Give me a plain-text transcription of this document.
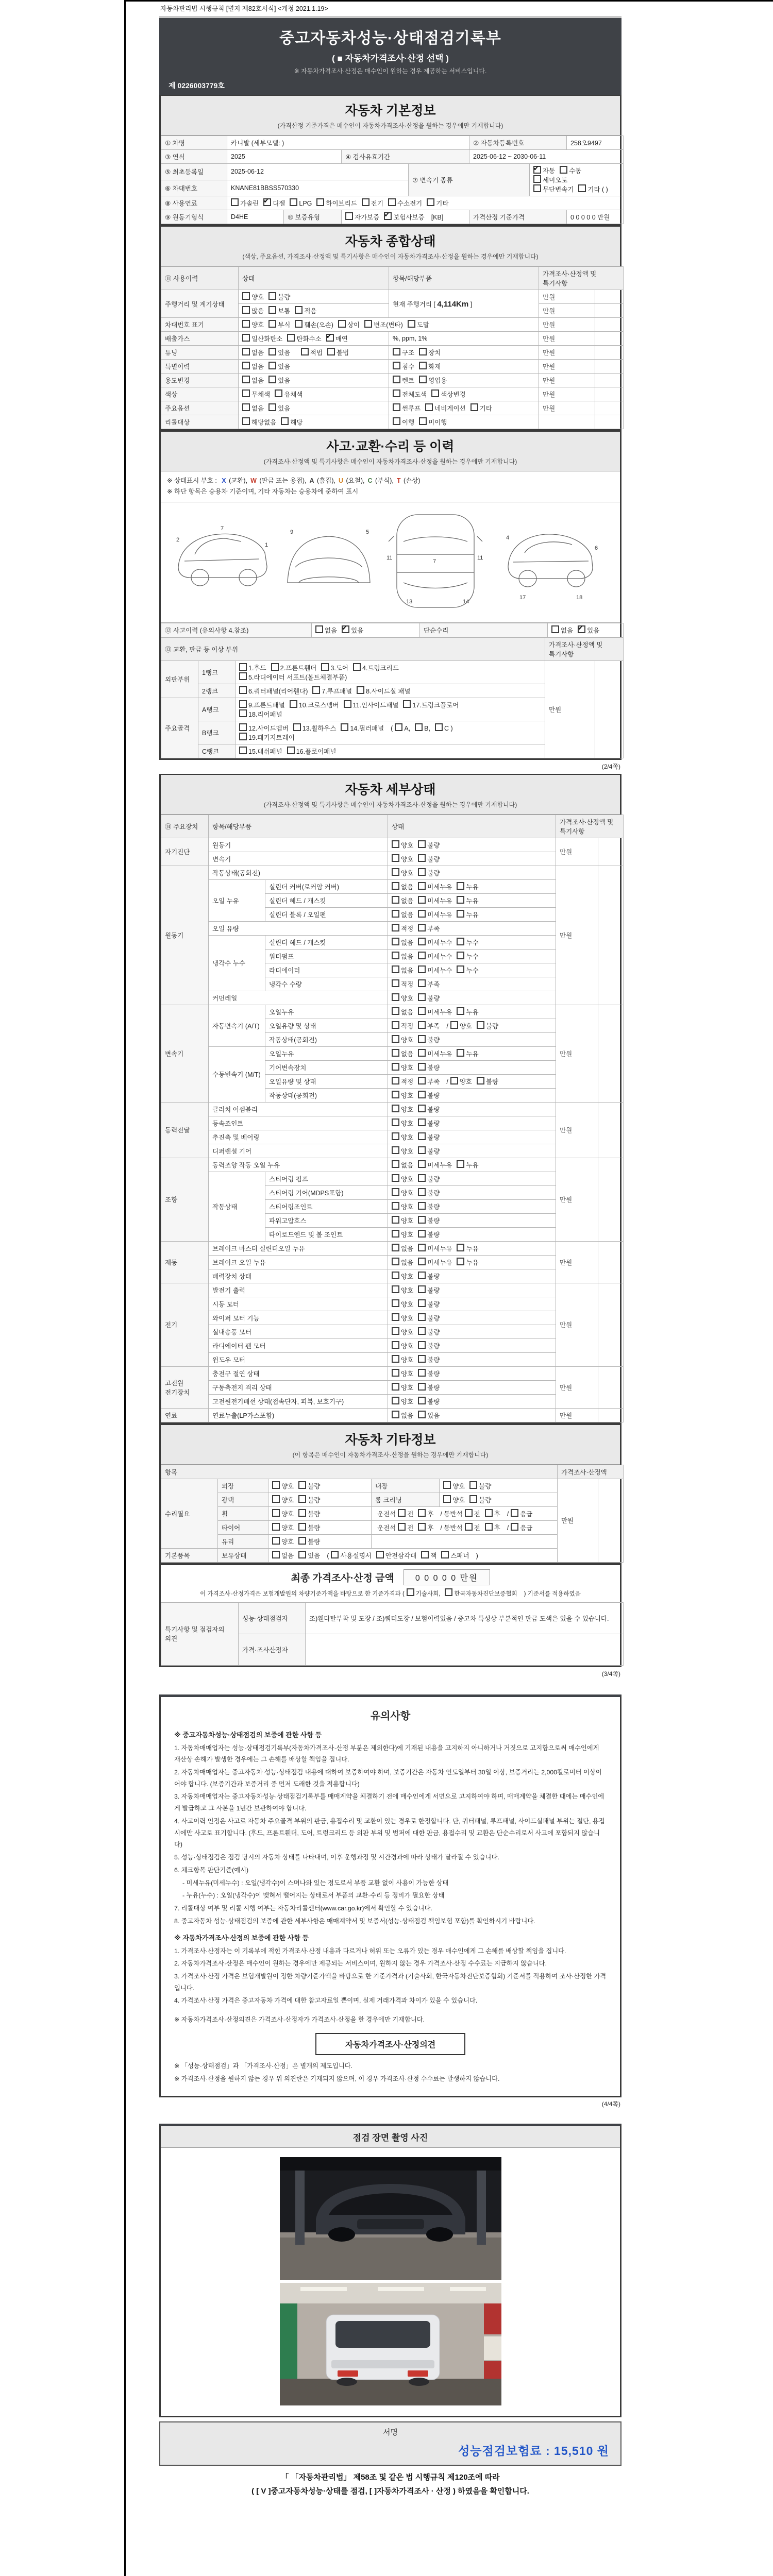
자동차관리법 시행규칙 [별지 제82호서식] <개정 2021.1.19>
중고자동차성능·상태점검기록부
( ■ 자동차가격조사·산정 선택 )
※ 자동차가격조사·산정은 매수인이 원하는 경우 제공하는 서비스입니다.
제 0226003779호
자동차 기본정보
(가격산정 기준가격은 매수인이 자동차가격조사·산정을 원하는 경우에만 기재합니다)
① 차명	카니발 (세부모델: )				② 자동차등록번호		258오9497
③ 연식	2025		④ 검사유효기간		2025-06-12 ~ 2030-06-11		
⑤ 최초등록일	2025-06-12			⑦ 변속기 종류	✔자동 수동세미오토
무단변속기 기타 ( )
⑥ 차대번호	KNANE81BBSS570330						
⑧ 사용연료	가솔린 ✔ 디젤 LPG 하이브리드 전기 수소전기 기타
⑨ 원동기형식	D4HE	⑩ 보증유형	자가보증 ✔ 보험사보증 [KB]		가격산정 기준가격		0 0 0 0 0 만원
자동차 종합상태
(색상, 주요옵션, 가격조사·산정액 및 특기사항은 매수인이 자동차가격조사·산정을 원하는 경우에만 기재합니다)
⑪ 사용이력	상태	항목/해당부품	가격조사·산정액 및 특기사항	
주행거리 및 계기상태	양호 불량	현재 주행거리 [ 4,114Km ]	만원	
	많음 보통 적음		만원	
차대번호 표기	양호 부식 훼손(오손) 상이 변조(변타) 도말		만원	
배출가스	일산화탄소 탄화수소 ✔ 매연	%, ppm, 1%	만원	
튜닝	없음 있음 적법 불법	구조 장치	만원	
특별이력	없음 있음	침수 화재	만원	
용도변경	없음 있음	렌트 영업용	만원	
색상	무채색 유채색	전체도색 색상변경	만원	
주요옵션	없음 있음	썬루프 네비게이션 기타	만원	
리콜대상	해당없음 해당	이행 미이행		
사고·교환·수리 등 이력
(가격조사·산정액 및 특기사항은 매수인이 자동차가격조사·산정을 원하는 경우에만 기재합니다)
※ 상태표시 부호 : X (교환), W (판금 또는 용접), A (흠집), U (요철), C (부식), T (손상)
※ 하단 항목은 승용차 기준이며, 기타 자동차는 승용차에 준하여 표시
2
7
1
9	5
11	11
7
13	14
4
6
17	18
⑫ 사고이력 (유의사항 4.참조)	없음 ✔ 있음	단순수리	없음 ✔ 있음
⑬ 교환, 판금 등 이상 부위			가격조사·산정액 및 특기사항	
외판부위	1랭크	1.후드 2.프론트휀더 3.도어 4.트렁크리드
5.라디에이터 서포트(볼트체결부품)	만원	
	2랭크	6.쿼터패널(리어휀다) 7.루프패널 8.사이드실 패널		
주요골격	A랭크	9.프론트패널 10.크로스멤버 11.인사이드패널 17.트렁크플로어
18.리어패널		
	B랭크	12.사이드멤버 13.휠하우스 14.필러패널 ( A, B, C )
19.패키지트레이		
	C랭크	15.대쉬패널 16.플로어패널		
(2/4쪽)
자동차 세부상태
(가격조사·산정액 및 특기사항은 매수인이 자동차가격조사·산정을 원하는 경우에만 기재합니다)
⑭ 주요장치	항목/해당부품		상태	가격조사·산정액 및 특기사항	
자기진단	원동기		양호 불량	만원	
	변속기		양호 불량		
원동기	작동상태(공회전)		양호 불량	만원	
	오일 누유	실린더 커버(로커암 커버)	없음 미세누유 누유		
		실린더 헤드 / 개스킷	없음 미세누유 누유		
		실린더 블록 / 오일팬	없음 미세누유 누유		
	오일 유량		적정 부족		
	냉각수 누수	실린더 헤드 / 개스킷	없음 미세누수 누수		
		워터펌프	없음 미세누수 누수		
		라디에이터	없음 미세누수 누수		
		냉각수 수량	적정 부족		
	커먼레일		양호 불량		
변속기	자동변속기 (A/T)	오일누유	없음 미세누유 누유	만원	
		오일유량 및 상태	적정 부족 / 양호 불량		
		작동상태(공회전)	양호 불량		
	수동변속기 (M/T)	오일누유	없음 미세누유 누유		
		기어변속장치	양호 불량		
		오일유량 및 상태	적정 부족 / 양호 불량		
		작동상태(공회전)	양호 불량		
동력전달	클러치 어셈블리		양호 불량	만원	
	등속조인트		양호 불량		
	추진축 및 베어링		양호 불량		
	디퍼렌셜 기어		양호 불량		
조향	동력조향 작동 오일 누유		없음 미세누유 누유	만원	
	작동상태	스티어링 펌프	양호 불량		
		스티어링 기어(MDPS포함)	양호 불량		
		스티어링조인트	양호 불량		
		파워고압호스	양호 불량		
		타이로드엔드 및 볼 조인트	양호 불량		
제동	브레이크 마스터 실린더오일 누유		없음 미세누유 누유	만원	
	브레이크 오일 누유		없음 미세누유 누유		
	배력장치 상태		양호 불량		
전기	발전기 출력		양호 불량	만원	
	시동 모터		양호 불량		
	와이퍼 모터 기능		양호 불량		
	실내송풍 모터		양호 불량		
	라디에이터 팬 모터		양호 불량		
	윈도우 모터		양호 불량		
고전원 전기장치	충전구 절연 상태		양호 불량	만원	
	구동축전지 격리 상태		양호 불량		
	고전원전기배선 상태(접속단자, 피복, 보호기구)		양호 불량		
연료	연료누출(LP가스포함)		없음 있음	만원	
자동차 기타정보
(이 항목은 매수인이 자동차가격조사·산정을 원하는 경우에만 기재합니다)
항목					가격조사·산정액	
수리필요	외장	양호 불량	내장	양호 불량	만원	
	광택	양호 불량	룸 크리닝	양호 불량		
	휠	양호 불량	운전석 전 후 / 동반석 전 후 / 응급			
	타이어	양호 불량	운전석 전 후 / 동반석 전 후 / 응급			
	유리	양호 불량				
기본품목	보유상태	없음 있음 ( 사용설명서 안전삼각대 잭 스패너 )				
최종 가격조사·산정 금액	0 0 0 0 0 만원
이 가격조사·산정가격은 보험개발원의 차량기준가액을 바탕으로 한 기준가격과 ( 기술사회, 한국자동차진단보증협회 ) 기준서를 적용하였음
특기사항 및 점검자의 의견	성능·상태점검자	조)휀다탈부착 및 도장 / 조)쿼터도장 / 보험이력있음 / 중고차 특성상 부분적인 판금 도색은 있을 수 있습니다.
	가격·조사산정자	
(3/4쪽)
유의사항
※ 중고자동차성능·상태점검의 보증에 관한 사항 등
1. 자동차매매업자는 성능·상태점검기록부(자동차가격조사·산정 부분은 제외한다)에 기재된 내용을 고지하지 아니하거나 거짓으로 고지함으로써 매수인에게 재산상 손해가 발생한 경우에는 그 손해를 배상할 책임을 집니다.
2. 자동차매매업자는 중고자동차 성능·상태점검 내용에 대하여 보증하여야 하며, 보증기간은 자동차 인도일부터 30일 이상, 보증거리는 2,000킬로미터 이상이어야 합니다. (보증기간과 보증거리 중 먼저 도래한 것을 적용합니다)
3. 자동차매매업자는 중고자동차성능·상태점검기록부를 매매계약을 체결하기 전에 매수인에게 서면으로 고지하여야 하며, 매매계약을 체결한 때에는 매수인에게 발급하고 그 사본을 1년간 보관하여야 합니다.
4. 사고이력 인정은 사고로 자동차 주요골격 부위의 판금, 용접수리 및 교환이 있는 경우로 한정합니다. 단, 쿼터패널, 루프패널, 사이드실패널 부위는 절단, 용접 시에만 사고로 표기합니다. (후드, 프론트휀더, 도어, 트렁크리드 등 외판 부위 및 범퍼에 대한 판금, 용접수리 및 교환은 단순수리로서 사고에 포함되지 않습니다)
5. 성능·상태점검은 점검 당시의 자동차 상태를 나타내며, 이후 운행과정 및 시간경과에 따라 상태가 달라질 수 있습니다.
6. 체크항목 판단기준(예시)
- 미세누유(미세누수) : 오일(냉각수)이 스며나와 있는 정도로서 부품 교환 없이 사용이 가능한 상태
- 누유(누수) : 오일(냉각수)이 맺혀서 떨어지는 상태로서 부품의 교환·수리 등 정비가 필요한 상태
7. 리콜대상 여부 및 리콜 시행 여부는 자동차리콜센터(www.car.go.kr)에서 확인할 수 있습니다.
8. 중고자동차 성능·상태점검의 보증에 관한 세부사항은 매매계약서 및 보증서(성능·상태점검 책임보험 포함)를 확인하시기 바랍니다.
※ 자동차가격조사·산정의 보증에 관한 사항 등
1. 가격조사·산정자는 이 기록부에 적힌 가격조사·산정 내용과 다르거나 허위 또는 오류가 있는 경우 매수인에게 그 손해를 배상할 책임을 집니다.
2. 자동차가격조사·산정은 매수인이 원하는 경우에만 제공되는 서비스이며, 원하지 않는 경우 가격조사·산정 수수료는 지급하지 않습니다.
3. 가격조사·산정 가격은 보험개발원이 정한 차량기준가액을 바탕으로 한 기준가격과 (기술사회, 한국자동차진단보증협회) 기준서를 적용하여 조사·산정한 가격입니다.
4. 가격조사·산정 가격은 중고자동차 가격에 대한 참고자료일 뿐이며, 실제 거래가격과 차이가 있을 수 있습니다.
※ 자동차가격조사·산정의견은 가격조사·산정자가 가격조사·산정을 한 경우에만 기재합니다.
자동차가격조사·산정의견
※ 「성능·상태점검」과 「가격조사·산정」은 별개의 제도입니다.
※ 가격조사·산정을 원하지 않는 경우 위 의견란은 기재되지 않으며, 이 경우 가격조사·산정 수수료는 발생하지 않습니다.
(4/4쪽)
점검 장면 촬영 사진
서명
성능점검보험료 : 15,510 원
「 「자동차관리법」 제58조 및 같은 법 시행규칙 제120조에 따라
( [ V ]중고자동차성능·상태를 점검, [ ]자동차가격조사 · 산정 ) 하였음을 확인합니다.
